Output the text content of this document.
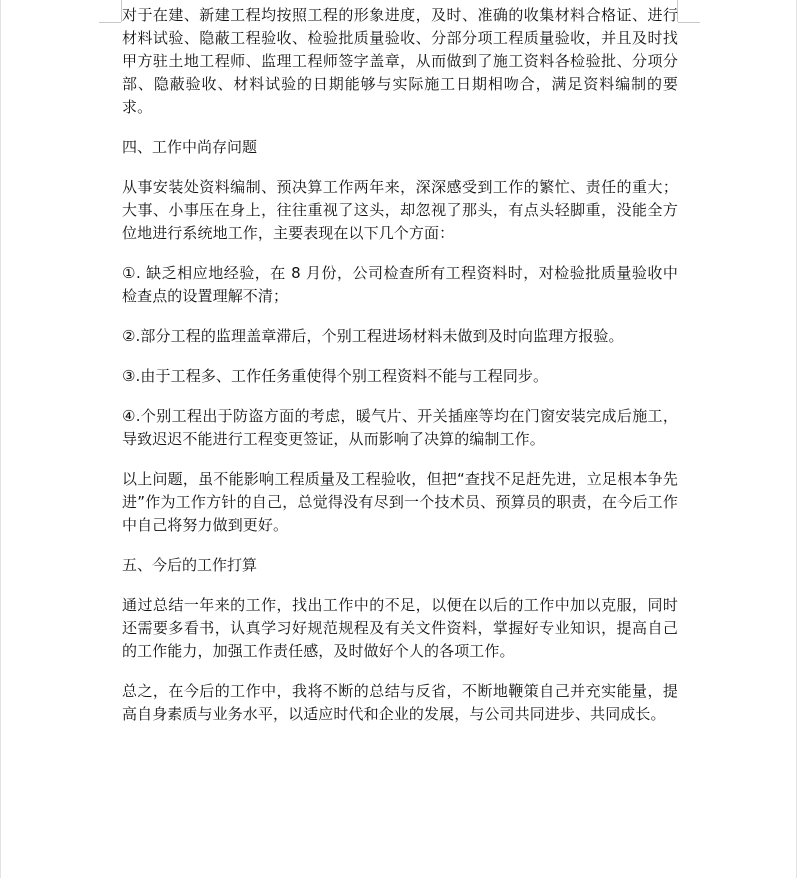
对于在建、新建工程均按照工程的形象进度，及时、准确的收集材料合格证、进行材料试验、隐蔽工程验收、检验批质量验收、分部分项工程质量验收，并且及时找甲方驻土地工程师、监理工程师签字盖章，从而做到了施工资料各检验批、分项分部、隐蔽验收、材料试验的日期能够与实际施工日期相吻合，满足资料编制的要求。

四、工作中尚存问题

从事安装处资料编制、预决算工作两年来，深深感受到工作的繁忙、责任的重大；大事、小事压在身上，往往重视了这头，却忽视了那头，有点头轻脚重，没能全方位地进行系统地工作，主要表现在以下几个方面：

①. 缺乏相应地经验，在 8 月份，公司检查所有工程资料时，对检验批质量验收中检查点的设置理解不清；

②.部分工程的监理盖章滞后，个别工程进场材料未做到及时向监理方报验。

③.由于工程多、工作任务重使得个别工程资料不能与工程同步。

④.个别工程出于防盗方面的考虑，暖气片、开关插座等均在门窗安装完成后施工，导致迟迟不能进行工程变更签证，从而影响了决算的编制工作。

以上问题，虽不能影响工程质量及工程验收，但把“查找不足赶先进，立足根本争先进”作为工作方针的自己，总觉得没有尽到一个技术员、预算员的职责，在今后工作中自己将努力做到更好。

五、今后的工作打算

通过总结一年来的工作，找出工作中的不足，以便在以后的工作中加以克服，同时还需要多看书，认真学习好规范规程及有关文件资料，掌握好专业知识，提高自己的工作能力，加强工作责任感，及时做好个人的各项工作。

总之，在今后的工作中，我将不断的总结与反省，不断地鞭策自己并充实能量，提高自身素质与业务水平，以适应时代和企业的发展，与公司共同进步、共同成长。
